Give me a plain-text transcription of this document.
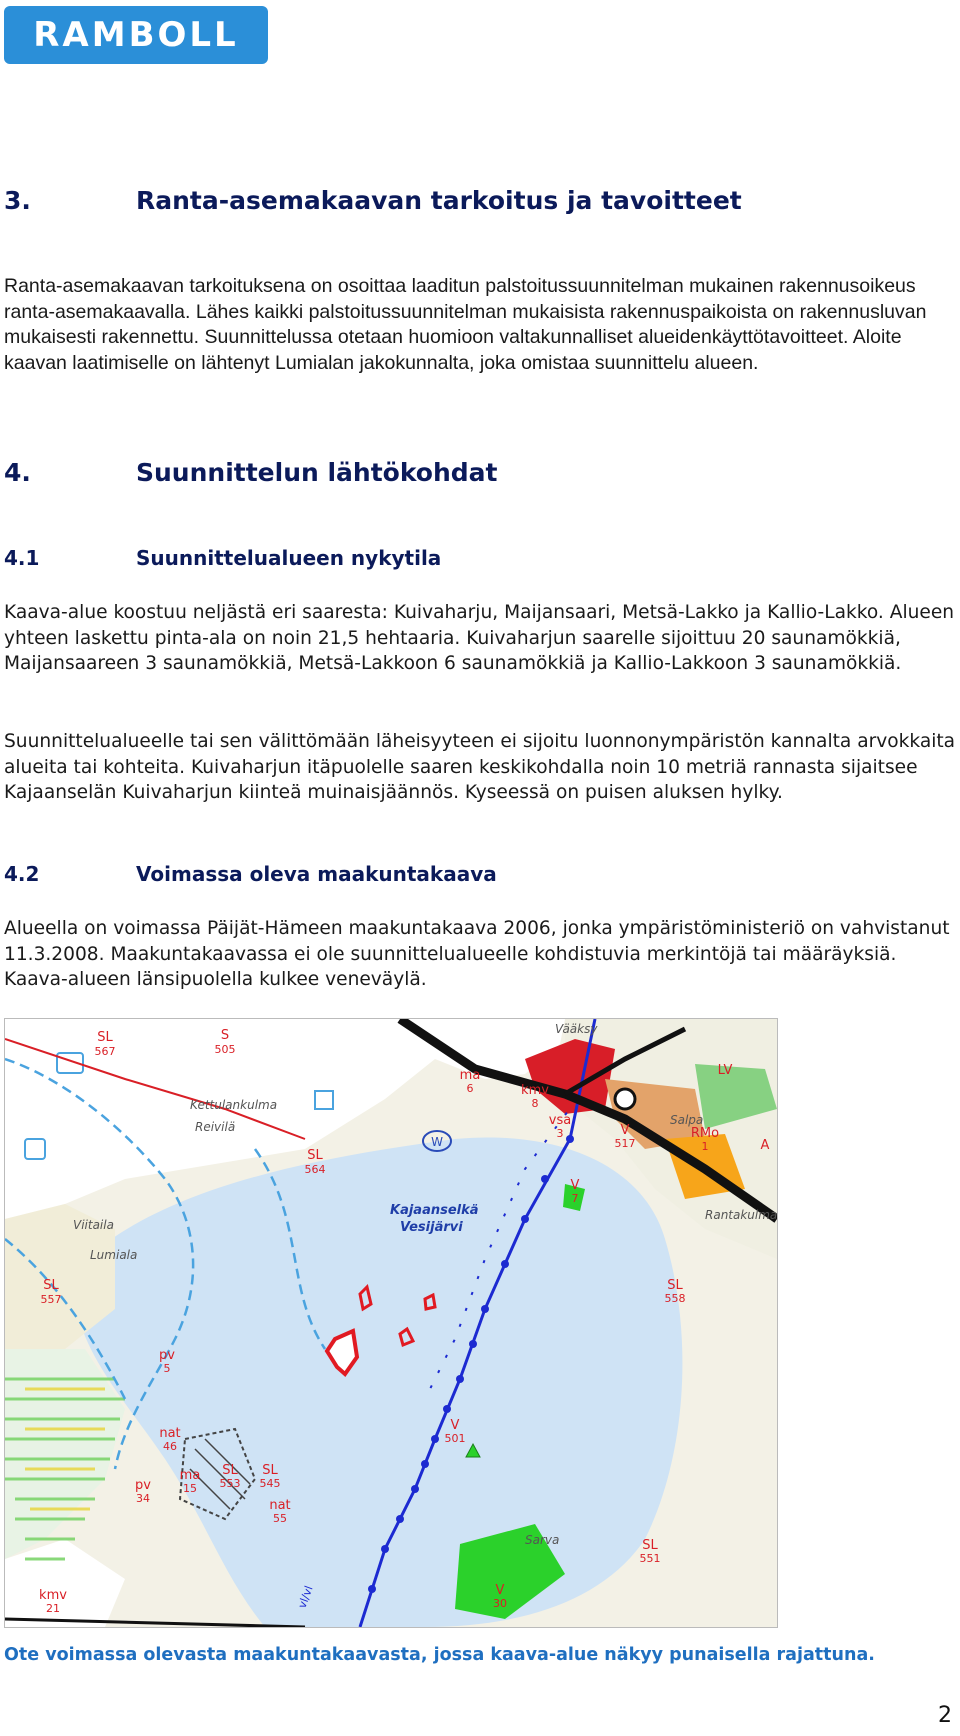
RAMBOLL
3.	Ranta-asemakaavan tarkoitus ja tavoitteet

Ranta-asemakaavan tarkoituksena on osoittaa laaditun palstoitussuunnitelman mukainen rakennusoikeus ranta-asemakaavalla. Lähes kaikki palstoitussuunnitelman mukaisista rakennuspaikoista on rakennusluvan mukaisesti rakennettu. Suunnittelussa otetaan huomioon valtakunnalliset alueidenkäyttötavoitteet. Aloite kaavan laatimiselle on lähtenyt Lumialan jakokunnalta, joka omistaa suunnittelu alueen.

4.	Suunnittelun lähtökohdat
4.1	Suunnittelualueen nykytila

Kaava-alue koostuu neljästä eri saaresta: Kuivaharju, Maijansaari, Metsä-Lakko ja Kallio-Lakko. Alueen yhteen laskettu pinta-ala on noin 21,5 hehtaaria. Kuivaharjun saarelle sijoittuu 20 saunamökkiä, Maijansaareen 3 saunamökkiä, Metsä-Lakkoon 6 saunamökkiä ja Kallio-Lakkoon 3 saunamökkiä.

Suunnittelualueelle tai sen välittömään läheisyyteen ei sijoitu luonnonympäristön kannalta arvokkaita alueita tai kohteita. Kuivaharjun itäpuolelle saaren keskikohdalla noin 10 metriä rannasta sijaitsee Kajaanselän Kuivaharjun kiinteä muinaisjäännös. Kyseessä on puisen aluksen hylky.

4.2	Voimassa oleva maakuntakaava

Alueella on voimassa Päijät-Hämeen maakuntakaava 2006, jonka ympäristöministeriö on vahvistanut 11.3.2008. Maakuntakaavassa ei ole suunnittelualueelle kohdistuvia merkintöjä tai määräyksiä. Kaava-alueen länsipuolella kulkee veneväylä.

SL
567
S
505
SL
564
SL
557
pv
5
nat
46
pv
34
ma
15
SL
553
SL
545
nat
55
kmv
21
SL
558
SL
551
ma
6	kmv
8
vsa
3	V
517
RMo
1
LV
A
V
501
V
7
V
30
Kettulankulma
Reivilä
Viitaila
Lumiala
Sarva
Rantakulma
Vääksy
Salpa
Kajaanselkä
Vesijärvi
W
vl/vl
Ote voimassa olevasta maakuntakaavasta, jossa kaava-alue näkyy punaisella rajattuna.
2
